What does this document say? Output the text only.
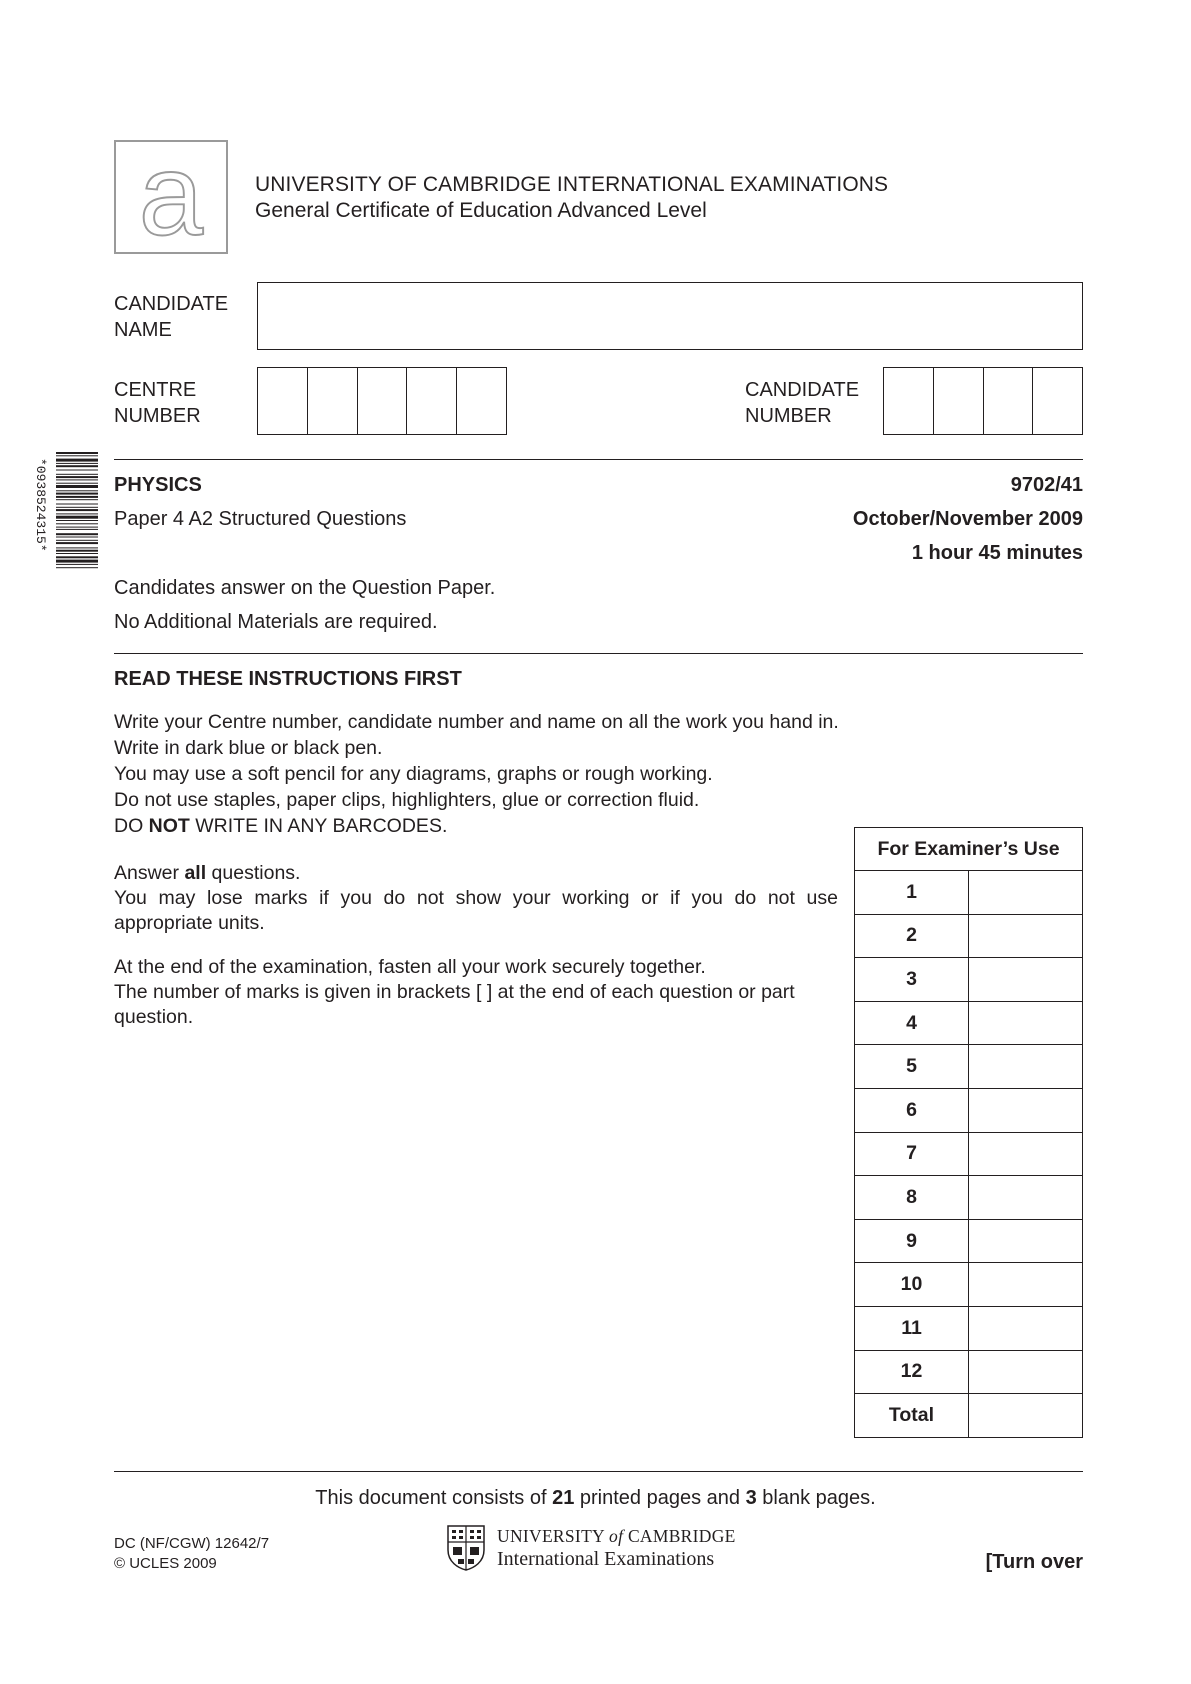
a UNIVERSITY OF CAMBRIDGE INTERNATIONAL EXAMINATIONS
General Certificate of Education Advanced Level
CANDIDATE
NAME
CENTRE
NUMBER
CANDIDATE
NUMBER
*0938524315*	PHYSICS	9702/41
Paper 4 A2 Structured Questions	October/November 2009
1 hour 45 minutes
Candidates answer on the Question Paper.
No Additional Materials are required.
READ THESE INSTRUCTIONS FIRST

Write your Centre number, candidate number and name on all the work you hand in.

Write in dark blue or black pen.

You may use a soft pencil for any diagrams, graphs or rough working.

Do not use staples, paper clips, highlighters, glue or correction fluid.

DO NOT WRITE IN ANY BARCODES.

Answer all questions.

You may lose marks if you do not show your working or if you do not use appropriate units.

At the end of the examination, fasten all your work securely together.

The number of marks is given in brackets [ ] at the end of each question or part question.

For Examiner’s Use	
1	
2	
3	
4	
5	
6	
7	
8	
9	
10	
11	
12	
Total	
This document consists of 21 printed pages and 3 blank pages.
DC (NF/CGW) 12642/7
© UCLES 2009
UNIVERSITY of CAMBRIDGE
International Examinations	[Turn over
